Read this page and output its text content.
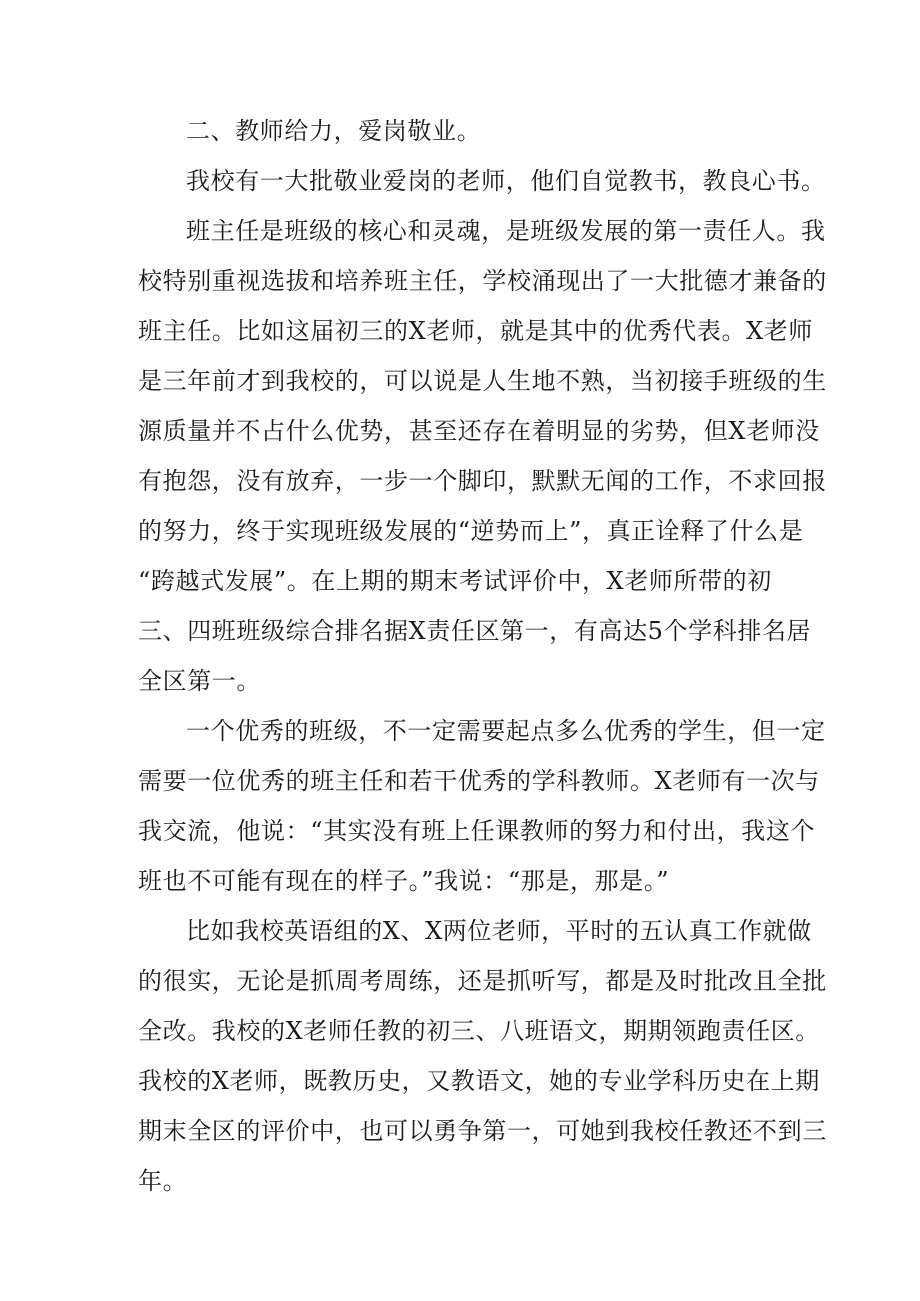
二、教师给力，爱岗敬业。

我校有一大批敬业爱岗的老师，他们自觉教书，教良心书。

班主任是班级的核心和灵魂，是班级发展的第一责任人。我

校特别重视选拔和培养班主任，学校涌现出了一大批德才兼备的

班主任。比如这届初三的X老师，就是其中的优秀代表。X老师

是三年前才到我校的，可以说是人生地不熟，当初接手班级的生

源质量并不占什么优势，甚至还存在着明显的劣势，但X老师没

有抱怨，没有放弃，一步一个脚印，默默无闻的工作，不求回报

的努力，终于实现班级发展的“逆势而上”，真正诠释了什么是

“跨越式发展”。在上期的期末考试评价中，X老师所带的初

三、四班班级综合排名据X责任区第一，有高达5个学科排名居

全区第一。

一个优秀的班级，不一定需要起点多么优秀的学生，但一定

需要一位优秀的班主任和若干优秀的学科教师。X老师有一次与

我交流，他说：“其实没有班上任课教师的努力和付出，我这个

班也不可能有现在的样子。”我说：“那是，那是。”

比如我校英语组的X、X两位老师，平时的五认真工作就做

的很实，无论是抓周考周练，还是抓听写，都是及时批改且全批

全改。我校的X老师任教的初三、八班语文，期期领跑责任区。

我校的X老师，既教历史，又教语文，她的专业学科历史在上期

期末全区的评价中，也可以勇争第一，可她到我校任教还不到三

年。
